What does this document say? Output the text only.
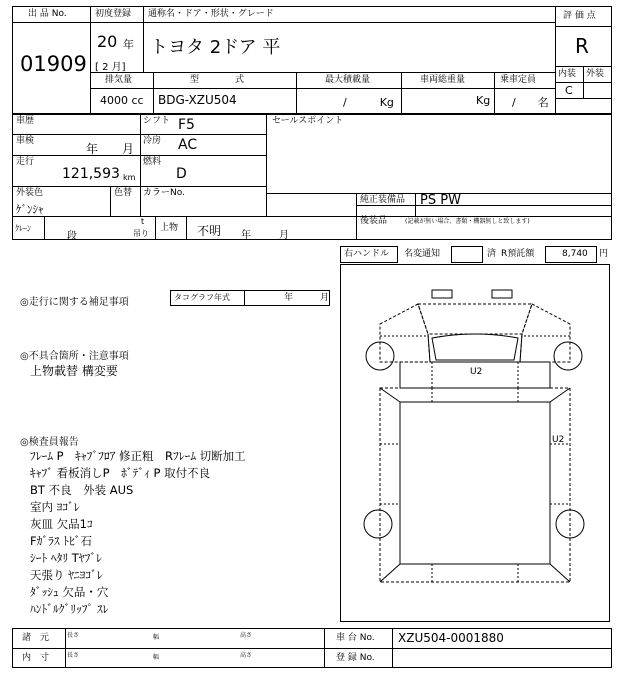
出 品 No.
01909
初度登録
20 年
[ 2 月]
通称名・ドア・形状・グレード
トヨタ 2ドア 平
評 価 点
R
内装 外装
C
排気量
4000 cc
型　　　　式
BDG-XZU504
最大積載量
/　　　Kg
車両総重量
Kg
乗車定員
/　　名
車歴	シフト F5
車検
年　　月
冷房 AC
走行
121,593 km
燃料
D
外装色
ｹﾞﾝｼｬ
色替 カラーNo.
セールスポイント
純正装備品 PS PW
後装品	(記載が無い場合、書類・機器無しと致します)
ｸﾚｰﾝ
段
t
吊り
上物 不明 年	月
右ハンドル 名変通知	済 R預託額	8,740 円
◎走行に関する補足事項	タコグラフ年式	年　　　月
◎不具合箇所・注意事項
上物載替 構変要
◎検査員報告
ﾌﾚｰﾑ P　ｷｬﾌﾞﾌﾛｱ 修正粗　Rﾌﾚｰﾑ 切断加工
ｷｬﾌﾞ 看板消しP　ﾎﾞﾃﾞｨ P 取付不良
BT 不良　外装 AUS
室内 ﾖｺﾞﾚ
灰皿 欠品1ｺ
Fｶﾞﾗｽ ﾄﾋﾞ石
ｼｰﾄ ﾍﾀﾘ Tﾔﾌﾞﾚ
天張り ﾔﾆﾖｺﾞﾚ
ﾀﾞｯｼｭ 欠品・穴
ﾊﾝﾄﾞﾙｸﾞﾘｯﾌﾟ ｽﾚ
U2
U2
諸　元	長さ	幅	高さ
内　寸	長さ	幅	高さ
車 台 No. XZU504-0001880
登 録 No.
